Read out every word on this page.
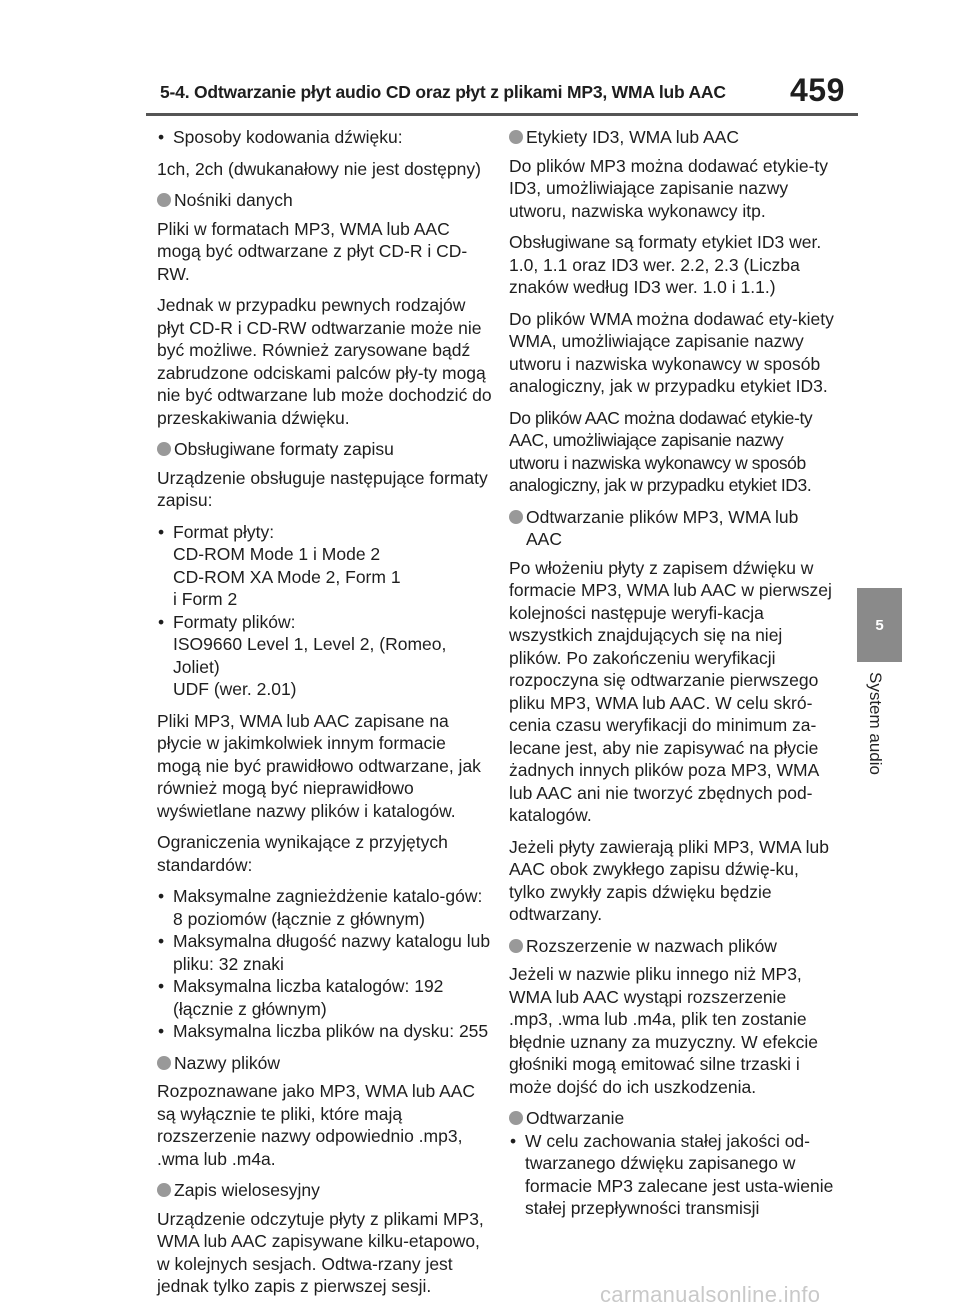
5-4. Odtwarzanie płyt audio CD oraz płyt z plikami MP3, WMA lub AAC 459
5
System audio
• Sposoby kodowania dźwięku:

1ch, 2ch (dwukanałowy nie jest dostępny)

Nośniki danych

Pliki w formatach MP3, WMA lub AAC mogą być odtwarzane z płyt CD-R i CD-RW.

Jednak w przypadku pewnych rodzajów płyt CD-R i CD-RW odtwarzanie może nie być możliwe. Również zarysowane bądź zabrudzone odciskami palców pły-ty mogą nie być odtwarzane lub może dochodzić do przeskakiwania dźwięku.

Obsługiwane formaty zapisu

Urządzenie obsługuje następujące formaty zapisu:

• Format płyty:
CD-ROM Mode 1 i Mode 2
CD-ROM XA Mode 2, Form 1
i Form 2
• Formaty plików:
ISO9660 Level 1, Level 2, (Romeo,
Joliet)
UDF (wer. 2.01)

Pliki MP3, WMA lub AAC zapisane na płycie w jakimkolwiek innym formacie mogą nie być prawidłowo odtwarzane, jak również mogą być nieprawidłowo wyświetlane nazwy plików i katalogów.

Ograniczenia wynikające z przyjętych standardów:

• Maksymalne zagnieżdżenie katalo-gów: 8 poziomów (łącznie z głównym)
• Maksymalna długość nazwy katalogu lub pliku: 32 znaki
• Maksymalna liczba katalogów: 192 (łącznie z głównym)
• Maksymalna liczba plików na dysku: 255
Nazwy plików

Rozpoznawane jako MP3, WMA lub AAC są wyłącznie te pliki, które mają rozszerzenie nazwy odpowiednio .mp3, .wma lub .m4a.

Zapis wielosesyjny

Urządzenie odczytuje płyty z plikami MP3, WMA lub AAC zapisywane kilku-etapowo, w kolejnych sesjach. Odtwa-rzany jest jednak tylko zapis z pierwszej sesji.

Etykiety ID3, WMA lub AAC

Do plików MP3 można dodawać etykie-ty ID3, umożliwiające zapisanie nazwy utworu, nazwiska wykonawcy itp.

Obsługiwane są formaty etykiet ID3 wer. 1.0, 1.1 oraz ID3 wer. 2.2, 2.3 (Liczba znaków według ID3 wer. 1.0 i 1.1.)

Do plików WMA można dodawać ety-kiety WMA, umożliwiające zapisanie nazwy utworu i nazwiska wykonawcy w sposób analogiczny, jak w przypadku etykiet ID3.

Do plików AAC można dodawać etykie-ty AAC, umożliwiające zapisanie nazwy utworu i nazwiska wykonawcy w sposób analogiczny, jak w przypadku etykiet ID3.

Odtwarzanie plików MP3, WMA lub AAC

Po włożeniu płyty z zapisem dźwięku w formacie MP3, WMA lub AAC w pierwszej kolejności następuje weryfi-kacja wszystkich znajdujących się na niej plików. Po zakończeniu weryfikacji rozpoczyna się odtwarzanie pierwszego pliku MP3, WMA lub AAC. W celu skró-cenia czasu weryfikacji do minimum za-lecane jest, aby nie zapisywać na płycie żadnych innych plików poza MP3, WMA lub AAC ani nie tworzyć zbędnych pod-katalogów.

Jeżeli płyty zawierają pliki MP3, WMA lub AAC obok zwykłego zapisu dźwię-ku, tylko zwykły zapis dźwięku będzie odtwarzany.

Rozszerzenie w nazwach plików

Jeżeli w nazwie pliku innego niż MP3, WMA lub AAC wystąpi rozszerzenie .mp3, .wma lub .m4a, plik ten zostanie błędnie uznany za muzyczny. W efekcie głośniki mogą emitować silne trzaski i może dojść do ich uszkodzenia.

Odtwarzanie
• W celu zachowania stałej jakości od-twarzanego dźwięku zapisanego w formacie MP3 zalecane jest usta-wienie stałej przepływności transmisji
carmanualsonline.info
